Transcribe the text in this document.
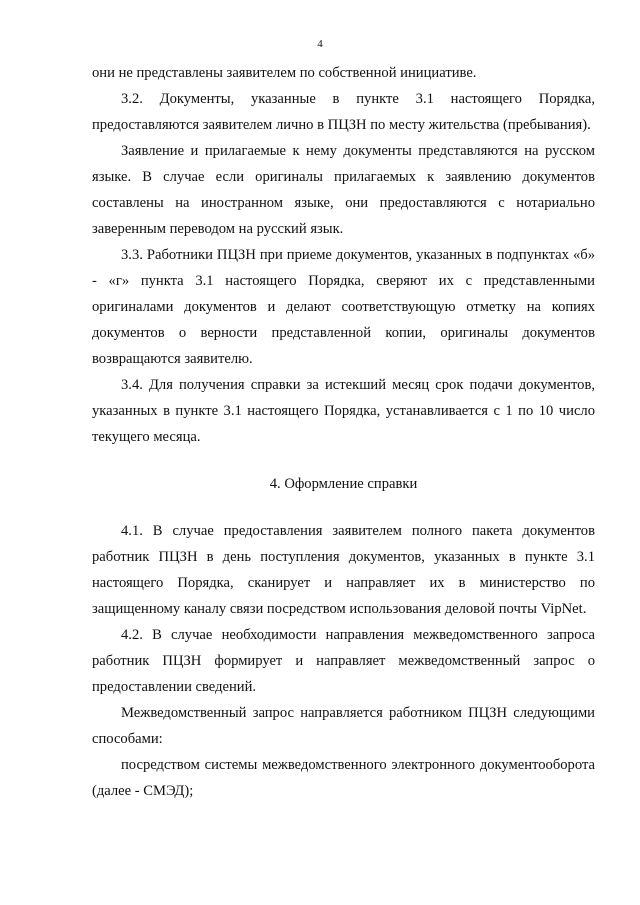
4

они не представлены заявителем по собственной инициативе.

3.2. Документы, указанные в пункте 3.1 настоящего Порядка, предоставляются заявителем лично в ПЦЗН по месту жительства (пребывания).

Заявление и прилагаемые к нему документы представляются на русском языке. В случае если оригиналы прилагаемых к заявлению документов составлены на иностранном языке, они предоставляются с нотариально заверенным переводом на русский язык.

3.3. Работники ПЦЗН при приеме документов, указанных в подпунктах «б» - «г» пункта 3.1 настоящего Порядка, сверяют их с представленными оригиналами документов и делают соответствующую отметку на копиях документов о верности представленной копии, оригиналы документов возвращаются заявителю.

3.4. Для получения справки за истекший месяц срок подачи документов, указанных в пункте 3.1 настоящего Порядка, устанавливается с 1 по 10 число текущего месяца.

4. Оформление справки

4.1. В случае предоставления заявителем полного пакета документов работник ПЦЗН в день поступления документов, указанных в пункте 3.1 настоящего Порядка, сканирует и направляет их в министерство по защищенному каналу связи посредством использования деловой почты VipNet.

4.2. В случае необходимости направления межведомственного запроса работник ПЦЗН формирует и направляет межведомственный запрос о предоставлении сведений.

Межведомственный запрос направляется работником ПЦЗН следующими способами:

посредством системы межведомственного электронного документооборота (далее - СМЭД);
